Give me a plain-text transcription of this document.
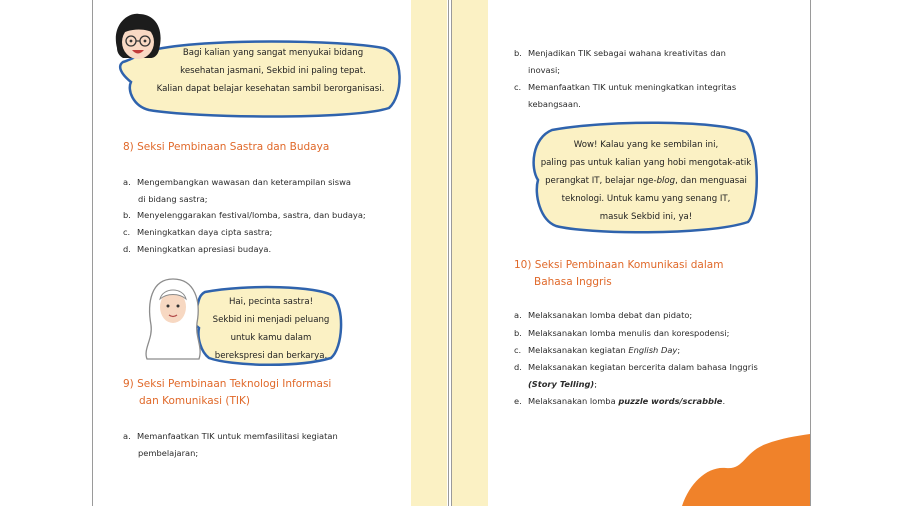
Bagi kalian yang sangat menyukai bidang
kesehatan jasmani, Sekbid ini paling tepat.
Kalian dapat belajar kesehatan sambil berorganisasi.
8) Seksi Pembinaan Sastra dan Budaya
a. Mengembangkan wawasan dan keterampilan siswa
di bidang sastra;
b. Menyelenggarakan festival/lomba, sastra, dan budaya;
c. Meningkatkan daya cipta sastra;
d. Meningkatkan apresiasi budaya.
Hai, pecinta sastra!
Sekbid ini menjadi peluang
untuk kamu dalam
berekspresi dan berkarya.
9) Seksi Pembinaan Teknologi Informasi
dan Komunikasi (TIK)
a. Memanfaatkan TIK untuk memfasilitasi kegiatan
pembelajaran;
b. Menjadikan TIK sebagai wahana kreativitas dan
inovasi;
c. Memanfaatkan TIK untuk meningkatkan integritas
kebangsaan.
Wow! Kalau yang ke sembilan ini,
paling pas untuk kalian yang hobi mengotak-atik
perangkat IT, belajar nge-blog, dan menguasai
teknologi. Untuk kamu yang senang IT,
masuk Sekbid ini, ya!
10) Seksi Pembinaan Komunikasi dalam
Bahasa Inggris
a. Melaksanakan lomba debat dan pidato;
b. Melaksanakan lomba menulis dan korespodensi;
c. Melaksanakan kegiatan English Day;
d. Melaksanakan kegiatan bercerita dalam bahasa Inggris
(Story Telling);
e. Melaksanakan lomba puzzle words/scrabble.
